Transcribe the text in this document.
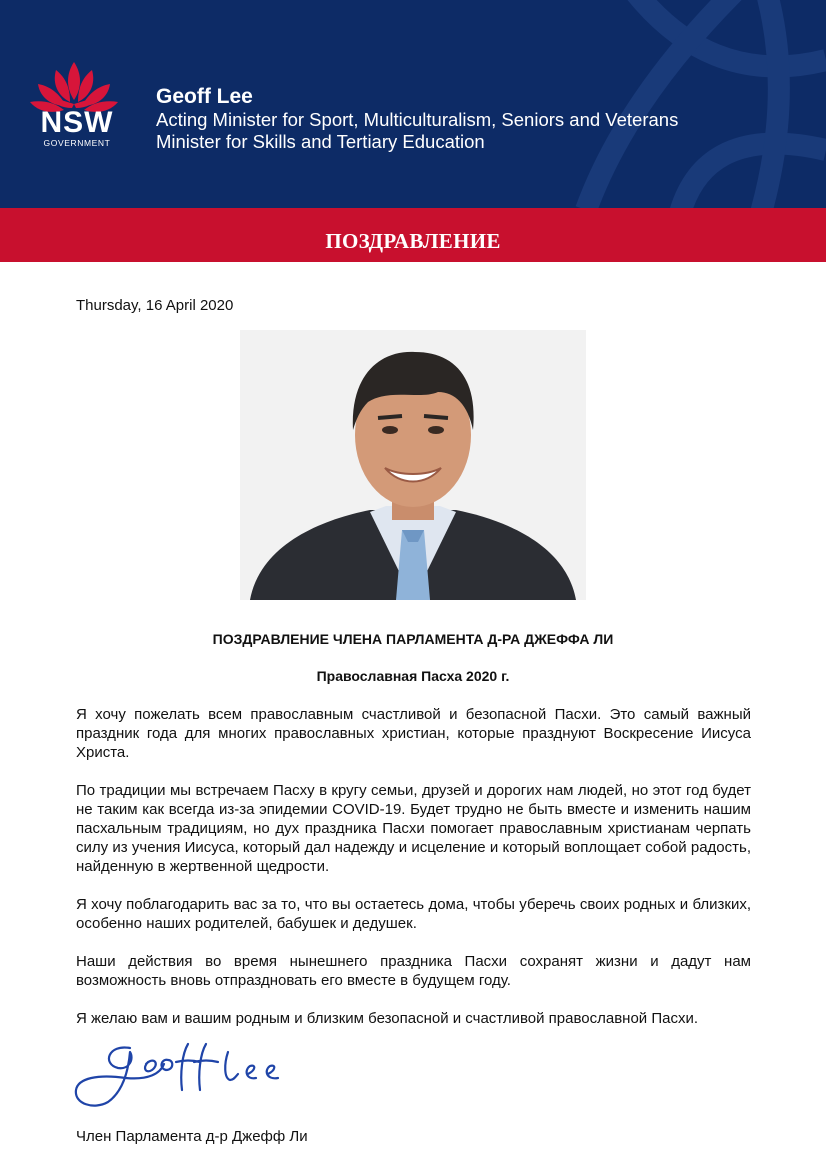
NSW
GOVERNMENT
Geoff Lee
Acting Minister for Sport, Multiculturalism, Seniors and Veterans
Minister for Skills and Tertiary Education
ПОЗДРАВЛЕНИЕ
Thursday, 16 April 2020
ПОЗДРАВЛЕНИЕ ЧЛЕНА ПАРЛАМЕНТА Д-РА ДЖЕФФА ЛИ
Православная Пасха 2020 г.

Я хочу пожелать всем православным счастливой и безопасной Пасхи. Это самый важный праздник года для многих православных христиан, которые празднуют Воскресение Иисуса Христа.

По традиции мы встречаем Пасху в кругу семьи, друзей и дорогих нам людей, но этот год будет не таким как всегда из-за эпидемии COVID-19. Будет трудно не быть вместе и изменить нашим пасхальным традициям, но дух праздника Пасхи помогает православным христианам черпать силу из учения Иисуса, который дал надежду и исцеление и который воплощает собой радость, найденную в жертвенной щедрости.

Я хочу поблагодарить вас за то, что вы остаетесь дома, чтобы уберечь своих родных и близких, особенно наших родителей, бабушек и дедушек.

Наши действия во время нынешнего праздника Пасхи сохранят жизни и дадут нам возможность вновь отпраздновать его вместе в будущем году.

Я желаю вам и вашим родным и близким безопасной и счастливой православной Пасхи.

Член Парламента д-р Джефф Ли
